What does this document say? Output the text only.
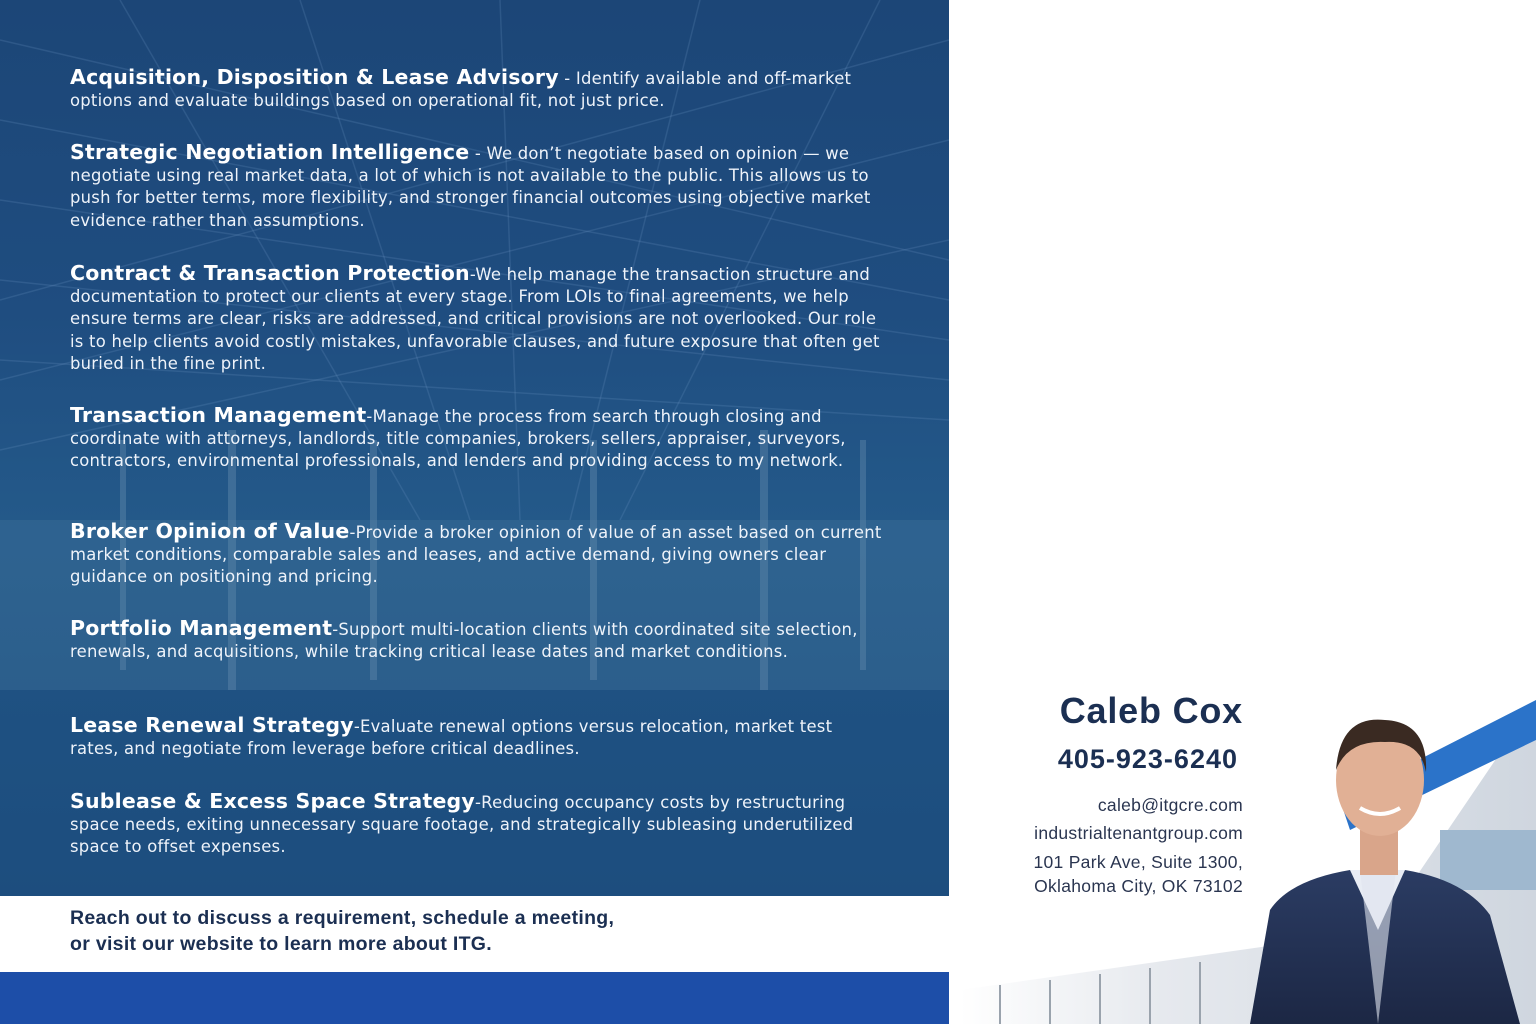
Acquisition, Disposition & Lease Advisory - Identify available and off-market options and evaluate buildings based on operational fit, not just price.

Strategic Negotiation Intelligence - We don’t negotiate based on opinion — we negotiate using real market data, a lot of which is not available to the public. This allows us to push for better terms, more flexibility, and stronger financial outcomes using objective market evidence rather than assumptions.

Contract & Transaction Protection-We help manage the transaction structure and documentation to protect our clients at every stage. From LOIs to final agreements, we help ensure terms are clear, risks are addressed, and critical provisions are not overlooked. Our role is to help clients avoid costly mistakes, unfavorable clauses, and future exposure that often get buried in the fine print.

Transaction Management-Manage the process from search through closing and coordinate with attorneys, landlords, title companies, brokers, sellers, appraiser, surveyors, contractors, environmental professionals, and lenders and providing access to my network.

Broker Opinion of Value-Provide a broker opinion of value of an asset based on current market conditions, comparable sales and leases, and active demand, giving owners clear guidance on positioning and pricing.

Portfolio Management-Support multi-location clients with coordinated site selection, renewals, and acquisitions, while tracking critical lease dates and market conditions.

Lease Renewal Strategy-Evaluate renewal options versus relocation, market test rates, and negotiate from leverage before critical deadlines.

Sublease & Excess Space Strategy-Reducing occupancy costs by restructuring space needs, exiting unnecessary square footage, and strategically subleasing underutilized space to offset expenses.

Reach out to discuss a requirement, schedule a meeting,
or visit our website to learn more about ITG.
Caleb Cox
405-923-6240
caleb@itgcre.com
industrialtenantgroup.com
101 Park Ave, Suite 1300,
Oklahoma City, OK 73102
